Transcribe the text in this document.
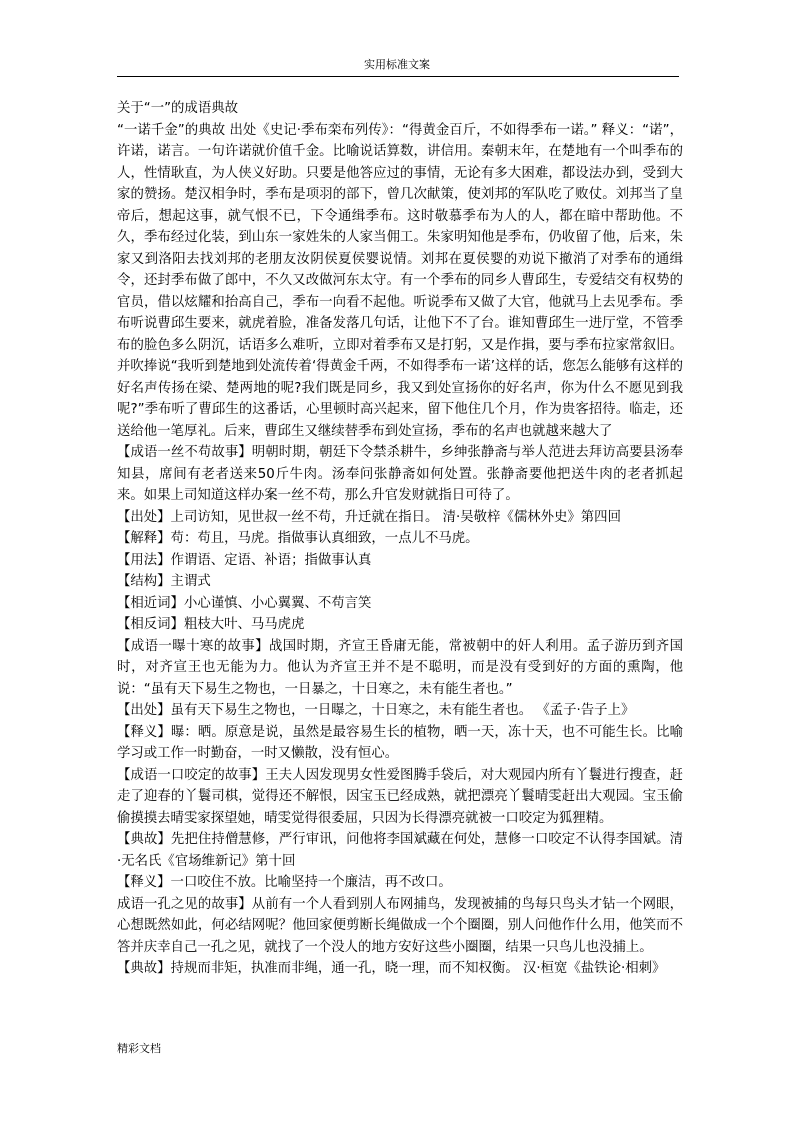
实用标准文案

关于“一”的成语典故

“一诺千金”的典故 出处《史记·季布栾布列传》：“得黄金百斤，不如得季布一诺。” 释义：“诺”，许诺，诺言。一句许诺就价值千金。比喻说话算数，讲信用。秦朝末年，在楚地有一个叫季布的人，性情耿直，为人侠义好助。只要是他答应过的事情，无论有多大困难，都设法办到，受到大家的赞扬。楚汉相争时，季布是项羽的部下，曾几次献策，使刘邦的军队吃了败仗。刘邦当了皇帝后，想起这事，就气恨不已，下令通缉季布。这时敬慕季布为人的人，都在暗中帮助他。不久，季布经过化装，到山东一家姓朱的人家当佣工。朱家明知他是季布，仍收留了他，后来，朱家又到洛阳去找刘邦的老朋友汝阴侯夏侯婴说情。刘邦在夏侯婴的劝说下撤消了对季布的通缉令，还封季布做了郎中，不久又改做河东太守。有一个季布的同乡人曹邱生，专爱结交有权势的官员，借以炫耀和抬高自己，季布一向看不起他。听说季布又做了大官，他就马上去见季布。季布听说曹邱生要来，就虎着脸，准备发落几句话，让他下不了台。谁知曹邱生一进厅堂，不管季布的脸色多么阴沉，话语多么难听，立即对着季布又是打躬，又是作揖，要与季布拉家常叙旧。并吹捧说“我听到楚地到处流传着‘得黄金千两，不如得季布一诺’这样的话，您怎么能够有这样的好名声传扬在梁、楚两地的呢?我们既是同乡，我又到处宣扬你的好名声，你为什么不愿见到我呢?”季布听了曹邱生的这番话，心里顿时高兴起来，留下他住几个月，作为贵客招待。临走，还送给他一笔厚礼。后来，曹邱生又继续替季布到处宣扬，季布的名声也就越来越大了

【成语一丝不苟故事】明朝时期，朝廷下令禁杀耕牛，乡绅张静斋与举人范进去拜访高要县汤奉知县，席间有老者送来50斤牛肉。汤奉问张静斋如何处置。张静斋要他把送牛肉的老者抓起来。如果上司知道这样办案一丝不苟，那么升官发财就指日可待了。

【出处】上司访知，见世叔一丝不苟，升迁就在指日。 清·吴敬梓《儒林外史》第四回

【解释】苟：苟且，马虎。指做事认真细致，一点儿不马虎。

【用法】作谓语、定语、补语；指做事认真

【结构】主谓式

【相近词】小心谨慎、小心翼翼、不苟言笑

【相反词】粗枝大叶、马马虎虎

【成语一曝十寒的故事】战国时期，齐宣王昏庸无能，常被朝中的奸人利用。孟子游历到齐国时，对齐宣王也无能为力。他认为齐宣王并不是不聪明，而是没有受到好的方面的熏陶，他说：“虽有天下易生之物也，一日暴之，十日寒之，未有能生者也。”

【出处】虽有天下易生之物也，一日曝之，十日寒之，未有能生者也。 《孟子·告子上》

【释义】曝：晒。原意是说，虽然是最容易生长的植物，晒一天，冻十天，也不可能生长。比喻学习或工作一时勤奋，一时又懒散，没有恒心。

【成语一口咬定的故事】王夫人因发现男女性爱图腾手袋后，对大观园内所有丫鬟进行搜查，赶走了迎春的丫鬟司棋，觉得还不解恨，因宝玉已经成熟，就把漂亮丫鬟晴雯赶出大观园。宝玉偷偷摸摸去晴雯家探望她，晴雯觉得很委屈，只因为长得漂亮就被一口咬定为狐狸精。

【典故】先把住持僧慧修，严行审讯，问他将李国斌藏在何处，慧修一口咬定不认得李国斌。清·无名氏《官场维新记》第十回

【释义】一口咬住不放。比喻坚持一个廉洁，再不改口。

成语一孔之见的故事】从前有一个人看到别人布网捕鸟，发现被捕的鸟每只鸟头才钻一个网眼，心想既然如此，何必结网呢？他回家便剪断长绳做成一个个圈圈，别人问他作什么用，他笑而不答并庆幸自己一孔之见，就找了一个没人的地方安好这些小圈圈，结果一只鸟儿也没捕上。

【典故】持规而非矩，执准而非绳，通一孔，晓一理，而不知权衡。 汉·桓宽《盐铁论·相刺》

精彩文档
